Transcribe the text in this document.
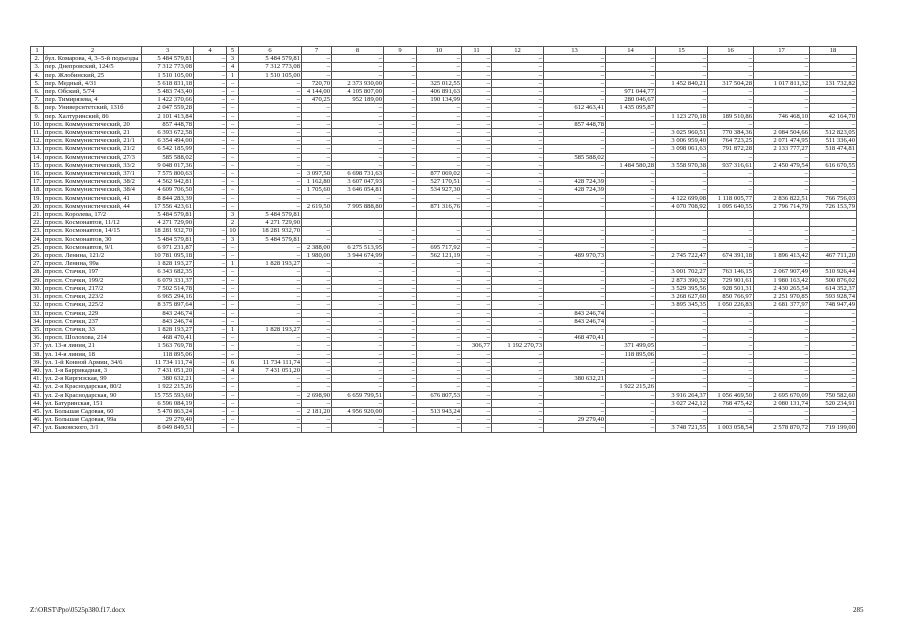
1	2	3	4	5	6	7	8	9	10	11	12	13	14	15	16	17	18
2.	бул. Комарова, 4, 3–5-й подъезды	5 484 579,81	–	3	5 484 579,81	–	–	–	–	–	–	–	–	–	–	–	–
3.	пер. Днепровский, 124/5	7 312 773,08	–	4	7 312 773,08	–	–	–	–	–	–	–	–	–	–	–	–
4.	пер. Жлобинский, 25	1 510 105,00	–	1	1 510 105,00	–	–	–	–	–	–	–	–	–	–	–	–
5.	пер. Медный, 4/31	5 618 831,18	–	–	–	720,70	2 373 930,00	–	325 012,55	–	–	–	–	1 452 840,21	317 504,28	1 017 811,32	131 732,82
6.	пер. Обский, 5/74	5 483 743,40	–	–	–	4 144,00	4 105 807,00	–	406 891,63	–	–	–	971 044,77	–	–	–	–
7.	пер. Тимирязева, 4	1 422 370,66	–	–	–	470,25	952 189,00	–	190 134,99	–	–	–	280 046,67	–	–	–	–
8.	пер. Университетский, 131б	2 047 559,28	–	–	–	–	–	–	–	–	–	612 463,41	1 435 095,87	–	–	–	–
9.	пер. Халтуринский, 86	2 101 413,84	–	–	–	–	–	–	–	–	–	–	–	1 123 270,18	189 510,86	746 468,10	42 164,70
10.	просп. Коммунистический, 20	857 448,78	–	–	–	–	–	–	–	–	–	857 448,78	–	–	–	–	–
11.	просп. Коммунистический, 21	6 393 672,58	–	–	–	–	–	–	–	–	–	–	–	3 025 960,51	770 384,36	2 084 504,66	512 823,05
12.	просп. Коммунистический, 21/1	6 354 494,00	–	–	–	–	–	–	–	–	–	–	–	3 006 959,40	764 723,25	2 071 474,95	511 336,40
13.	просп. Коммунистический, 21/2	6 542 185,99	–	–	–	–	–	–	–	–	–	–	–	3 098 061,63	791 872,28	2 133 777,27	518 474,81
14.	просп. Коммунистический, 27/3	585 588,02	–	–	–	–	–	–	–	–	–	585 588,02	–	–	–	–	–
15.	просп. Коммунистический, 33/2	9 048 017,36	–	–	–	–	–	–	–	–	–	–	1 484 580,28	3 558 970,38	937 316,61	2 450 479,54	616 670,55
16.	просп. Коммунистический, 37/1	7 575 800,63	–	–	–	3 097,50	6 698 731,63	–	877 069,02	–	–	–	–	–	–	–	–
17.	просп. Коммунистический, 38/2	4 562 942,81	–	–	–	1 162,80	3 607 047,93	–	527 170,51	–	–	428 724,39	–	–	–	–	–
18.	просп. Коммунистический, 38/4	4 609 706,50	–	–	–	1 705,60	3 646 054,81	–	534 927,30	–	–	428 724,39	–	–	–	–	–
19.	просп. Коммунистический, 41	8 844 283,39	–	–	–	–	–	–	–	–	–	–	–	4 122 699,08	1 118 005,77	2 836 822,51	766 756,03
20.	просп. Коммунистический, 44	17 556 423,61	–	–	–	2 619,50	7 995 888,80	–	871 316,76	–	–	–	–	4 070 708,92	1 095 640,55	2 796 714,79	726 153,79
21.	просп. Королева, 17/2	5 484 579,81		3	5 484 579,81												
22.	просп. Космонавтов, 11/12	4 271 729,90		2	4 271 729,90												
23.	просп. Космонавтов, 14/15	18 281 932,70	–	10	18 281 932,70	–	–	–	–	–	–	–	–	–	–	–	–
24.	просп. Космонавтов, 30	5 484 579,81	–	3	5 484 579,81	–	–	–	–	–	–	–	–	–	–	–	–
25.	просп. Космонавтов, 9/1	6 971 231,87	–	–	–	2 388,00	6 275 513,95	–	695 717,92	–	–	–	–	–	–	–	–
26.	просп. Ленина, 121/2	10 781 095,18	–	–	–	1 980,00	3 944 674,99	–	562 121,19	–	–	489 970,73	–	2 745 722,47	674 391,18	1 896 413,42	467 711,20
27.	просп. Ленина, 99а	1 828 193,27	–	1	1 828 193,27	–	–	–	–	–	–	–	–	–	–	–	–
28.	просп. Стачки, 197	6 343 682,35	–	–	–	–	–	–	–	–	–	–	–	3 001 702,27	763 146,15	2 067 907,49	510 926,44
29.	просп. Стачки, 199/2	6 079 331,37	–	–	–	–	–	–	–	–	–	–	–	2 873 390,32	729 901,61	1 980 163,42	500 876,02
30.	просп. Стачки, 217/2	7 502 514,78	–	–	–	–	–	–	–	–	–	–	–	3 529 395,56	928 501,31	2 430 265,54	614 352,37
31.	просп. Стачки, 223/2	6 965 294,16	–	–	–	–	–	–	–	–	–	–	–	3 268 627,60	850 766,97	2 251 970,85	593 928,74
32.	просп. Стачки, 225/2	8 375 897,64	–	–	–	–	–	–	–	–	–	–	–	3 895 345,35	1 050 226,83	2 681 377,97	748 947,49
33.	просп. Стачки, 229	843 246,74	–	–	–	–	–	–	–	–	–	843 246,74	–	–	–	–	–
34.	просп. Стачки, 237	843 246,74	–	–	–	–	–	–	–	–	–	843 246,74	–	–	–	–	–
35.	просп. Стачки, 33	1 828 193,27	–	1	1 828 193,27	–	–	–	–	–	–	–	–	–	–	–	–
36.	просп. Шолохова, 214	468 470,41	–	–	–	–	–	–	–	–	–	468 470,41	–	–	–	–	–
37.	ул. 13-я линия, 21	1 563 769,78	–	–	–	–	–	–	–	306,77	1 192 270,73	–	371 499,05	–	–	–	–
38.	ул. 14-я линия, 18	118 895,06	–	–	–	–	–	–	–	–	–	–	118 895,06	–	–	–	–
39.	ул. 1-й Конной Армии, 34/6	11 734 111,74	–	6	11 734 111,74	–	–	–	–	–	–	–	–	–	–	–	–
40.	ул. 1-я Баррикадная, 3	7 431 051,20	–	4	7 431 051,20	–	–	–	–	–	–	–	–	–	–	–	–
41.	ул. 2-я Киргизская, 99	380 632,21	–	–	–	–	–	–	–	–	–	380 632,21	–	–	–	–	–
42.	ул. 2-я Краснодарская, 80/2	1 922 215,26	–	–	–	–	–	–	–	–	–	–	1 922 215,26	–	–	–	–
43.	ул. 2-я Краснодарская, 90	15 755 593,60	–	–	–	2 698,90	6 659 799,51	–	676 807,53	–	–	–	–	3 916 264,37	1 056 469,50	2 695 670,09	750 582,60
44.	ул. Батуринская, 151	6 596 084,19	–	–	–	–	–	–	–	–	–	–	–	3 027 242,12	768 475,42	2 080 131,74	520 234,91
45.	ул. Большая Садовая, 60	5 470 863,24	–	–	–	2 181,20	4 956 920,00	–	513 943,24	–	–	–	–	–	–	–	–
46.	ул. Большая Садовая, 99а	29 279,40	–	–	–	–	–	–	–	–	–	29 279,40	–	–	–	–	–
47.	ул. Быковского, 3/1	8 049 849,51	–	–	–	–	–	–	–	–	–	–	–	3 748 721,55	1 003 058,54	2 578 870,72	719 199,00
Z:\ORST\Ppo\0525p380.f17.docx	285
